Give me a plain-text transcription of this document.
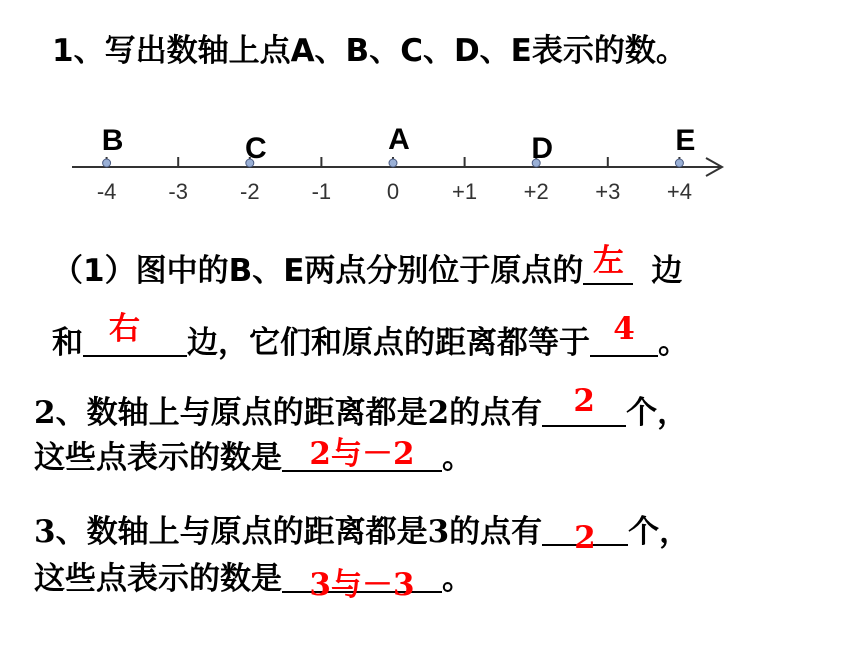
1、写出数轴上点A、B、C、D、E表示的数。
-4 -3 -2 -1	0 +1 +2 +3 +4
B	C	A	D	E
（1）图中的B、E两点分别位于原点的 左 边
和 右	边，它们和原点的距离都等于 4 。
2、数轴上与原点的距离都是2的点有	2	个，
这些点表示的数是 2与－2 。
3、数轴上与原点的距离都是3的点有 2	个，
这些点表示的数是 3与－3 。
